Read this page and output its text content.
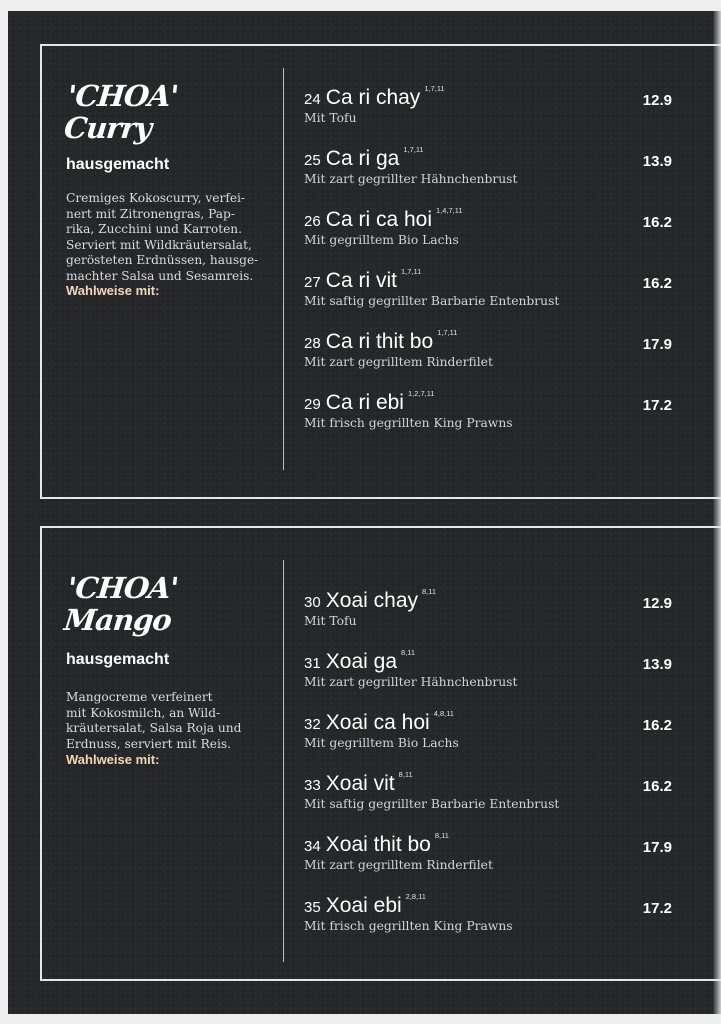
'CHOA'
Curry
hausgemacht
Cremiges Kokoscurry, verfei-
nert mit Zitronengras, Pap-
rika, Zucchini und Karroten.
Serviert mit Wildkräutersalat,
gerösteten Erdnüssen, hausge-
machter Salsa und Sesamreis.
Wahlweise mit:
24 Ca ri chay $^{1,7,11}$
Mit Tofu
12.9
25 Ca ri ga $^{1,7,11}$
Mit zart gegrillter Hähnchenbrust
13.9
26 Ca ri ca hoi $^{1,4,7,11}$
Mit gegrilltem Bio Lachs
16.2
27 Ca ri vit $^{1,7,11}$
Mit saftig gegrillter Barbarie Entenbrust
16.2
28 Ca ri thit bo $^{1,7,11}$
Mit zart gegrilltem Rinderfilet
17.9
29 Ca ri ebi $^{1,2,7,11}$
Mit frisch gegrillten King Prawns
17.2
'CHOA'
Mango
hausgemacht
Mangocreme verfeinert
mit Kokosmilch, an Wild-
kräutersalat, Salsa Roja und
Erdnuss, serviert mit Reis.
Wahlweise mit:
30 Xoai chay $^{8,11}$
Mit Tofu
12.9
31 Xoai ga $^{8,11}$
Mit zart gegrillter Hähnchenbrust
13.9
32 Xoai ca hoi $^{4,8,11}$
Mit gegrilltem Bio Lachs
16.2
33 Xoai vit $^{8,11}$
Mit saftig gegrillter Barbarie Entenbrust
16.2
34 Xoai thit bo $^{8,11}$
Mit zart gegrilltem Rinderfilet
17.9
35 Xoai ebi $^{2,8,11}$
Mit frisch gegrillten King Prawns
17.2
